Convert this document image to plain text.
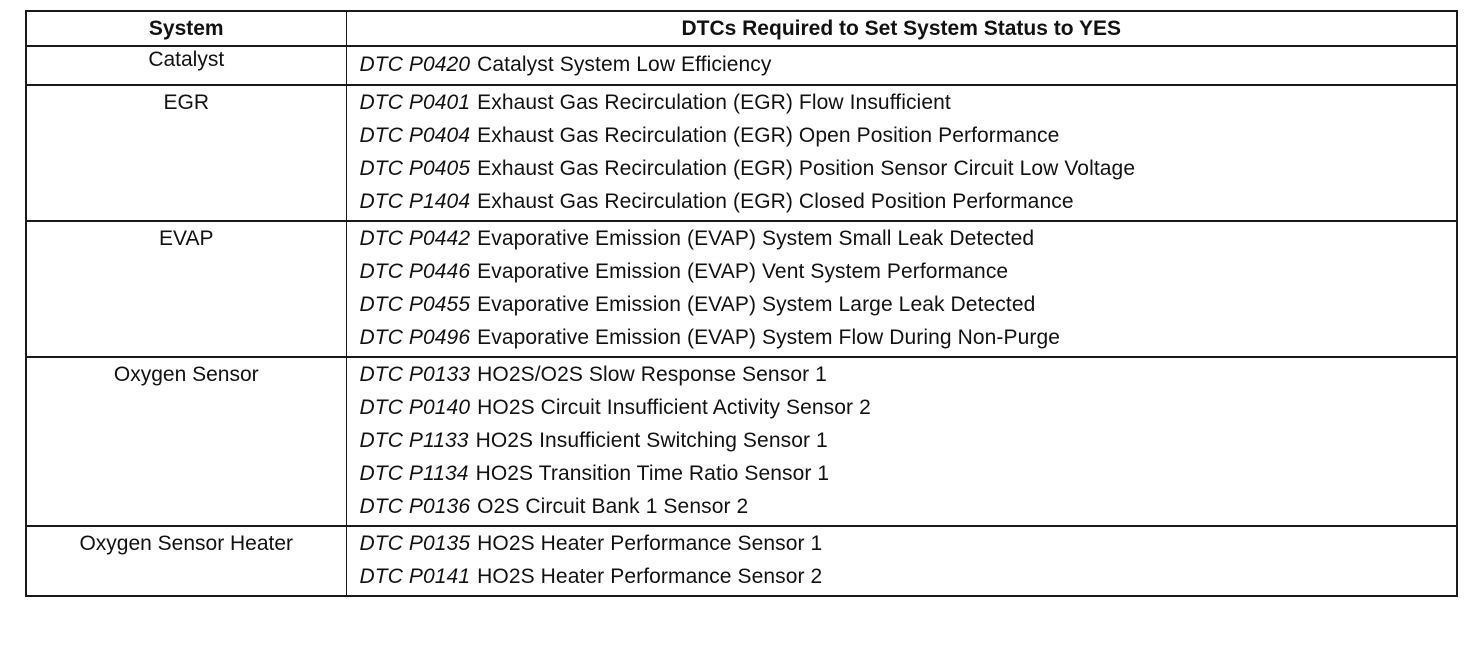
System	DTCs Required to Set System Status to YES
Catalyst	DTC P0420 Catalyst System Low Efficiency

EGR	DTC P0401 Exhaust Gas Recirculation (EGR) Flow Insufficient
DTC P0404 Exhaust Gas Recirculation (EGR) Open Position Performance
DTC P0405 Exhaust Gas Recirculation (EGR) Position Sensor Circuit Low Voltage
DTC P1404 Exhaust Gas Recirculation (EGR) Closed Position Performance

EVAP	DTC P0442 Evaporative Emission (EVAP) System Small Leak Detected
DTC P0446 Evaporative Emission (EVAP) Vent System Performance
DTC P0455 Evaporative Emission (EVAP) System Large Leak Detected
DTC P0496 Evaporative Emission (EVAP) System Flow During Non-Purge

Oxygen Sensor	DTC P0133 HO2S/O2S Slow Response Sensor 1
DTC P0140 HO2S Circuit Insufficient Activity Sensor 2
DTC P1133 HO2S Insufficient Switching Sensor 1
DTC P1134 HO2S Transition Time Ratio Sensor 1
DTC P0136 O2S Circuit Bank 1 Sensor 2

Oxygen Sensor Heater	DTC P0135 HO2S Heater Performance Sensor 1
DTC P0141 HO2S Heater Performance Sensor 2
